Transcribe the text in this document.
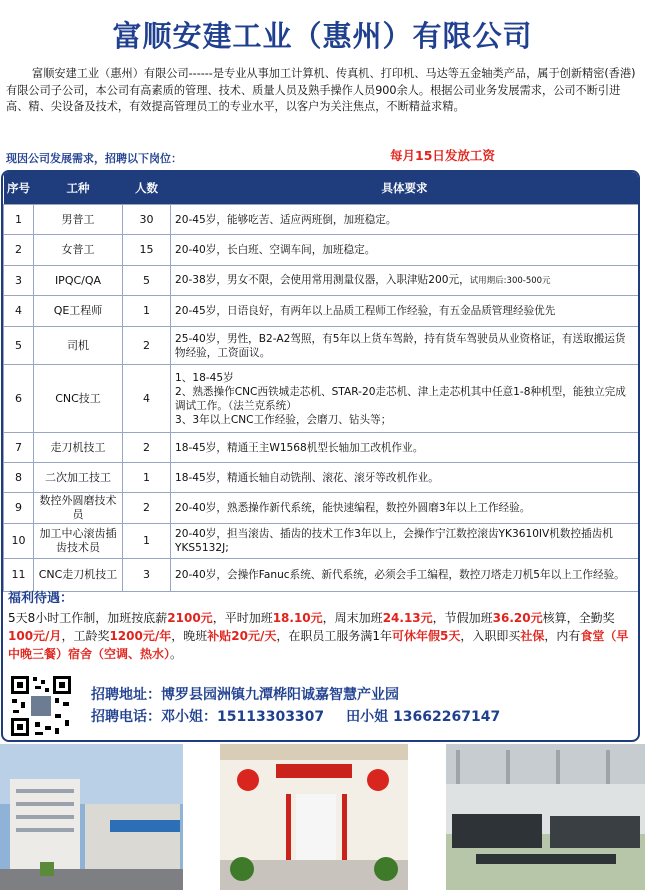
富顺安建工业（惠州）有限公司
富顺安建工业（惠州）有限公司------是专业从事加工计算机、传真机、打印机、马达等五金轴类产品，属于创新精密(香港)有限公司子公司，本公司有高素质的管理、技术、质量人员及熟手操作人员900余人。根据公司业务发展需求，公司不断引进高、精、尖设备及技术，有效提高管理员工的专业水平，以客户为关注焦点，不断精益求精。
现因公司发展需求，招聘以下岗位：	每月15日发放工资
序号	工种	人数	具体要求
1	男普工	30	20-45岁，能够吃苦、适应两班倒，加班稳定。
2	女普工	15	20-40岁，长白班、空调车间，加班稳定。
3	IPQC/QA	5	20-38岁，男女不限，会使用常用测量仪器，入职津贴200元，试用期后:300-500元
4	QE工程师	1	20-45岁，日语良好，有两年以上品质工程师工作经验，有五金品质管理经验优先
5	司机	2	25-40岁，男性，B2-A2驾照，有5年以上货车驾龄，持有货车驾驶员从业资格证，有送取搬运货物经验，工资面议。
6	CNC技工	4	1、18-45岁
2、熟悉操作CNC西铁城走芯机、STAR-20走芯机、津上走芯机其中任意1-8种机型，能独立完成调试工作。（法兰克系统）
3、3年以上CNC工作经验，会磨刀、钻头等；

7	走刀机技工	2	18-45岁，精通王主W1568机型长轴加工改机作业。
8	二次加工技工	1	18-45岁，精通长轴自动铣削、滚花、滚牙等改机作业。
9	数控外圆磨技术员	2	20-40岁，熟悉操作新代系统，能快速编程，数控外圆磨3年以上工作经验。
10	加工中心滚齿插齿技术员	1	20-40岁，担当滚齿、插齿的技术工作3年以上，会操作宁江数控滚齿YK3610IV机数控插齿机YKS5132J;
11	CNC走刀机技工	3	20-40岁，会操作Fanuc系统、新代系统，必须会手工编程，数控刀塔走刀机5年以上工作经验。
福利待遇：
5天8小时工作制，加班按底薪2100元，平时加班18.10元，周末加班24.13元，节假加班36.20元核算，全勤奖100元/月，工龄奖1200元/年，晚班补贴20元/天，在职员工服务满1年可休年假5天，入职即买社保，内有食堂（早中晚三餐）宿舍（空调、热水）。
招聘地址：博罗县园洲镇九潭桦阳诚嘉智慧产业园
招聘电话：邓小姐：15113303307 田小姐 13662267147
